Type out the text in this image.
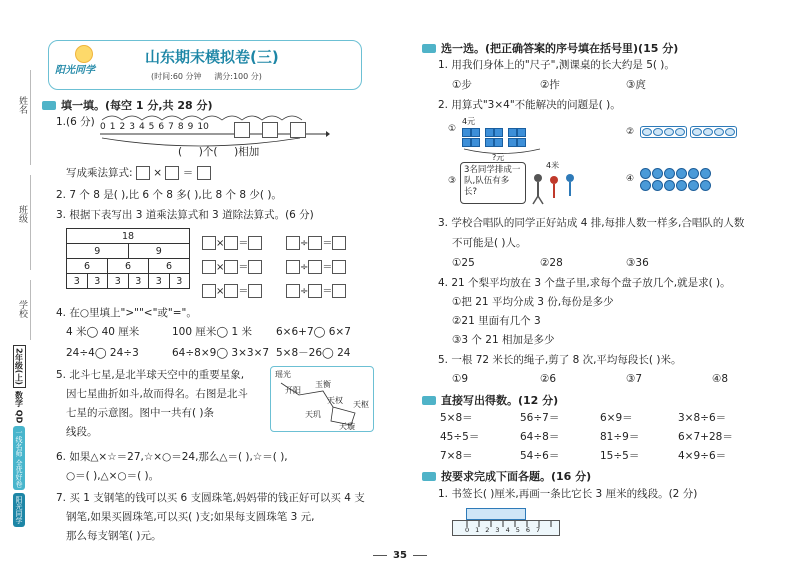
姓名
班级
学校
2年级(上)
数学 QD
一线名师 全优好卷
阳光同学
阳光同学
山东期末模拟卷(三)
(时间:60 分钟     满分:100 分)
填一填。(每空 1 分,共 28 分)
1.(6 分) 0 1 2 3 4 5 6 7 8 9 10
(     )个(     )相加
写成乘法算式:  ×  ＝
2. 7 个 8 是( ),比 6 个 8 多( ),比 8 个 8 少( )。
3. 根据下表写出 3 道乘法算式和 3 道除法算式。(6 分)
18					
9			9		
6		6		6	
3	3	3	3	3	3
× ＝
× ＝
× ＝
÷ ＝
÷ ＝
÷ ＝
4. 在○里填上">""<"或"="。
4 米◯ 40 厘米	100 厘米◯ 1 米 6×6+7◯ 6×7
24÷4◯ 24÷3	64÷8×9◯ 3×3×7 5×8－26◯ 24
5. 北斗七星,是北半球天空中的重要星象,
因七星曲折如斗,故而得名。右图是北斗
七星的示意图。图中一共有( )条
线段。
瑶光
开阳
玉衡
天权 天枢
天玑
天璇
6. 如果△×☆＝27,☆×○＝24,那么△＝( ),☆＝( ),
○＝( ),△×○＝( )。
7. 买 1 支钢笔的钱可以买 6 支圆珠笔,妈妈带的钱正好可以买 4 支
钢笔,如果买圆珠笔,可以买( )支;如果每支圆珠笔 3 元,
那么每支钢笔( )元。
选一选。(把正确答案的序号填在括号里)(15 分)
1. 用我们身体上的"尺子",测课桌的长大约是 5( )。
①步	②拃	③庹
2. 用算式"3×4"不能解决的问题是( )。
①
4元
?元
②
③
3名同学排成一队,队伍有多长?
4米
④
3. 学校合唱队的同学正好站成 4 排,每排人数一样多,合唱队的人数
不可能是( )人。
①25	②28	③36
4. 21 个梨平均放在 3 个盘子里,求每个盘子放几个,就是求( )。
①把 21 平均分成 3 份,每份是多少
②21 里面有几个 3
③3 个 21 相加是多少
5. 一根 72 米长的绳子,剪了 8 次,平均每段长( )米。
①9	②6	③7	④8
直接写出得数。(12 分)
5×8＝	56÷7＝	6×9＝	3×8÷6＝
45÷5＝	64÷8＝	81÷9＝	6×7+28＝
7×8＝	54÷6＝	15÷5＝	4×9÷6＝
按要求完成下面各题。(16 分)
1. 书签长( )厘米,再画一条比它长 3 厘米的线段。(2 分)
0 1 2 3 4 5 6 7
35
